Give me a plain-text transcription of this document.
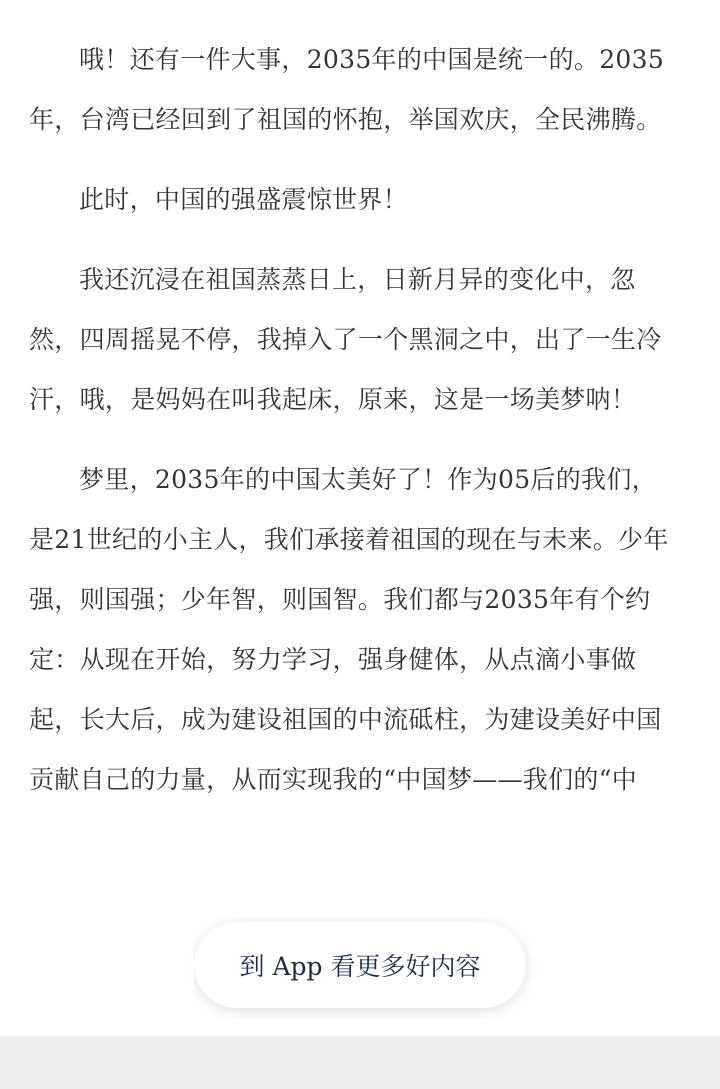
哦！还有一件大事，2035年的中国是统一的。2035年，台湾已经回到了祖国的怀抱，举国欢庆，全民沸腾。

此时，中国的强盛震惊世界！

我还沉浸在祖国蒸蒸日上，日新月异的变化中，忽然，四周摇晃不停，我掉入了一个黑洞之中，出了一生冷汗，哦，是妈妈在叫我起床，原来，这是一场美梦呐！

梦里，2035年的中国太美好了！作为05后的我们，是21世纪的小主人，我们承接着祖国的现在与未来。少年强，则国强；少年智，则国智。我们都与2035年有个约定：从现在开始，努力学习，强身健体，从点滴小事做起，长大后，成为建设祖国的中流砥柱，为建设美好中国贡献自己的力量，从而实现我的“中国梦——我们的“中

到 App 看更多好内容
